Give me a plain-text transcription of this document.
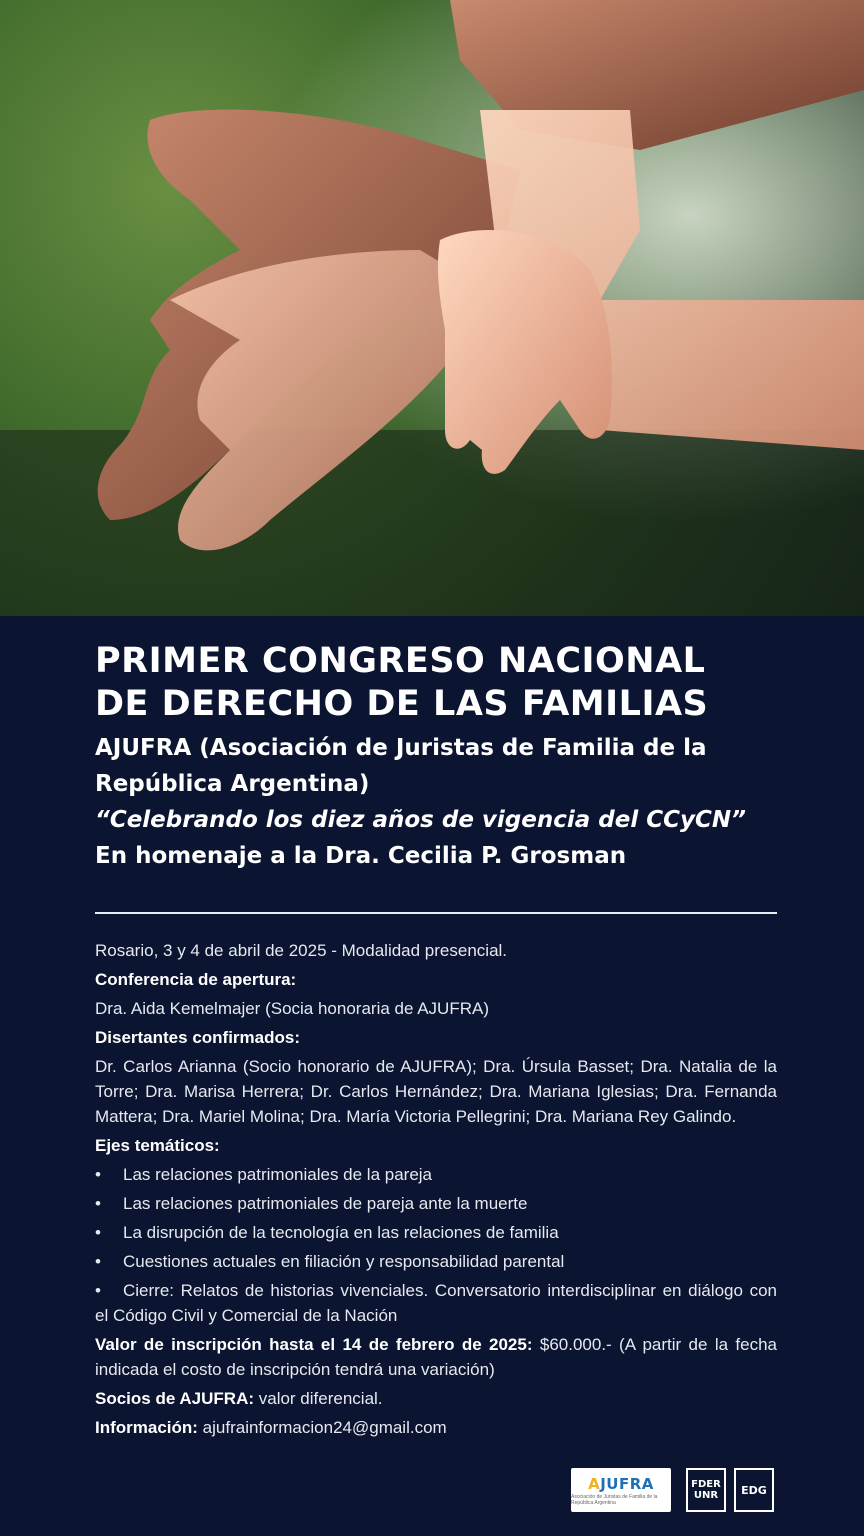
PRIMER CONGRESO NACIONAL
DE DERECHO DE LAS FAMILIAS
AJUFRA (Asociación de Juristas de Familia de la
República Argentina)
“Celebrando los diez años de vigencia del CCyCN”
En homenaje a la Dra. Cecilia P. Grosman

Rosario, 3 y 4 de abril de 2025 - Modalidad presencial.

Conferencia de apertura:

Dra. Aida Kemelmajer (Socia honoraria de AJUFRA)

Disertantes confirmados:

Dr. Carlos Arianna (Socio honorario de AJUFRA); Dra. Úrsula Basset; Dra. Natalia de la Torre; Dra. Marisa Herrera; Dr. Carlos Hernández; Dra. Mariana Iglesias; Dra. Fernanda Mattera; Dra. Mariel Molina; Dra. María Victoria Pellegrini; Dra. Mariana Rey Galindo.

Ejes temáticos:

•	Las relaciones patrimoniales de la pareja
•	Las relaciones patrimoniales de pareja ante la muerte
•	La disrupción de la tecnología en las relaciones de familia
•	Cuestiones actuales en filiación y responsabilidad parental
• Cierre: Relatos de historias vivenciales. Conversatorio interdisciplinar en diálogo con el Código Civil y Comercial de la Nación

Valor de inscripción hasta el 14 de febrero de 2025: $60.000.- (A partir de la fecha indicada el costo de inscripción tendrá una variación)

Socios de AJUFRA: valor diferencial.

Información: ajufrainformacion24@gmail.com

AJUFRA
Asociación de Juristas de Familia de la República Argentina
FDER
UNR EDG
